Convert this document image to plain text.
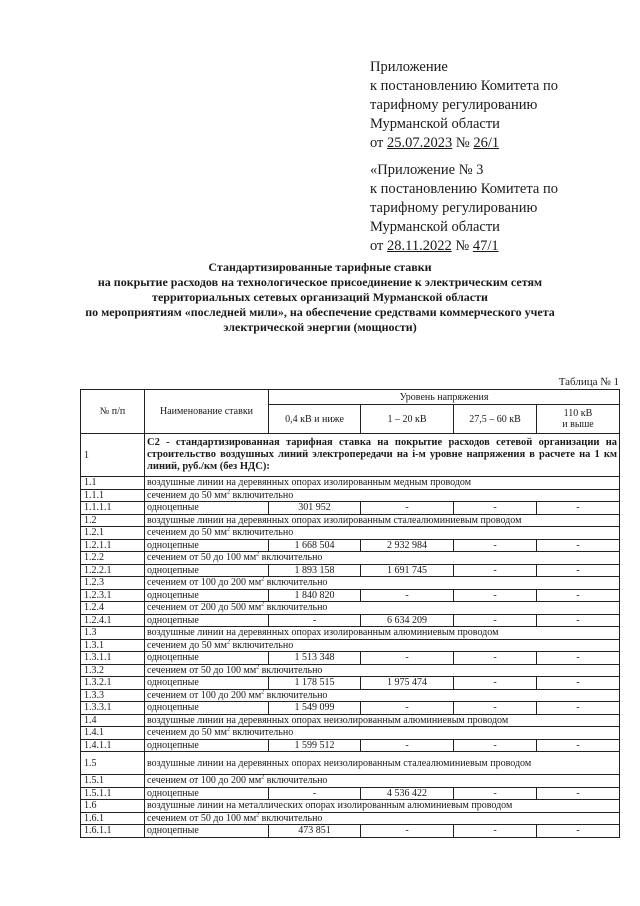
Приложение
к постановлению Комитета по
тарифному регулированию
Мурманской области
от 25.07.2023 № 26/1
«Приложение № 3
к постановлению Комитета по
тарифному регулированию
Мурманской области
от 28.11.2022 № 47/1
Стандартизированные тарифные ставки
на покрытие расходов на технологическое присоединение к электрическим сетям
территориальных сетевых организаций Мурманской области
по мероприятиям «последней мили», на обеспечение средствами коммерческого учета
электрической энергии (мощности)
Таблица № 1
№ п/п	Наименование ставки	Уровень напряжения			
		0,4 кВ и ниже	1 – 20 кВ	27,5 – 60 кВ	110 кВ
и выше
1	С2 - стандартизированная тарифная ставка на покрытие расходов сетевой организации на строительство воздушных линий электропередачи на i-м уровне напряжения в расчете на 1 км линий, руб./км (без НДС):				
1.1	воздушные линии на деревянных опорах изолированным медным проводом				
1.1.1	сечением до 50 $мм^2$ включительно				
1.1.1.1	одноцепные	301 952	-	-	-
1.2	воздушные линии на деревянных опорах изолированным сталеалюминиевым проводом				
1.2.1	сечением до 50 $мм^2$ включительно				
1.2.1.1	одноцепные	1 668 504	2 932 984	-	-
1.2.2	сечением от 50 до 100 $мм^2$ включительно				
1.2.2.1	одноцепные	1 893 158	1 691 745	-	-
1.2.3	сечением от 100 до 200 $мм^2$ включительно				
1.2.3.1	одноцепные	1 840 820	-	-	-
1.2.4	сечением от 200 до 500 $мм^2$ включительно				
1.2.4.1	одноцепные	-	6 634 209	-	-
1.3	воздушные линии на деревянных опорах изолированным алюминиевым проводом				
1.3.1	сечением до 50 $мм^2$ включительно				
1.3.1.1	одноцепные	1 513 348	-	-	-
1.3.2	сечением от 50 до 100 $мм^2$ включительно				
1.3.2.1	одноцепные	1 178 515	1 975 474	-	-
1.3.3	сечением от 100 до 200 $мм^2$ включительно				
1.3.3.1	одноцепные	1 549 099	-	-	-
1.4	воздушные линии на деревянных опорах неизолированным алюминиевым проводом				
1.4.1	сечением до 50 $мм^2$ включительно				
1.4.1.1	одноцепные	1 599 512	-	-	-
1.5	воздушные линии на деревянных опорах неизолированным сталеалюминиевым проводом				
1.5.1	сечением от 100 до 200 $мм^2$ включительно				
1.5.1.1	одноцепные	-	4 536 422	-	-
1.6	воздушные линии на металлических опорах изолированным алюминиевым проводом				
1.6.1	сечением от 50 до 100 $мм^2$ включительно				
1.6.1.1	одноцепные	473 851	-	-	-
